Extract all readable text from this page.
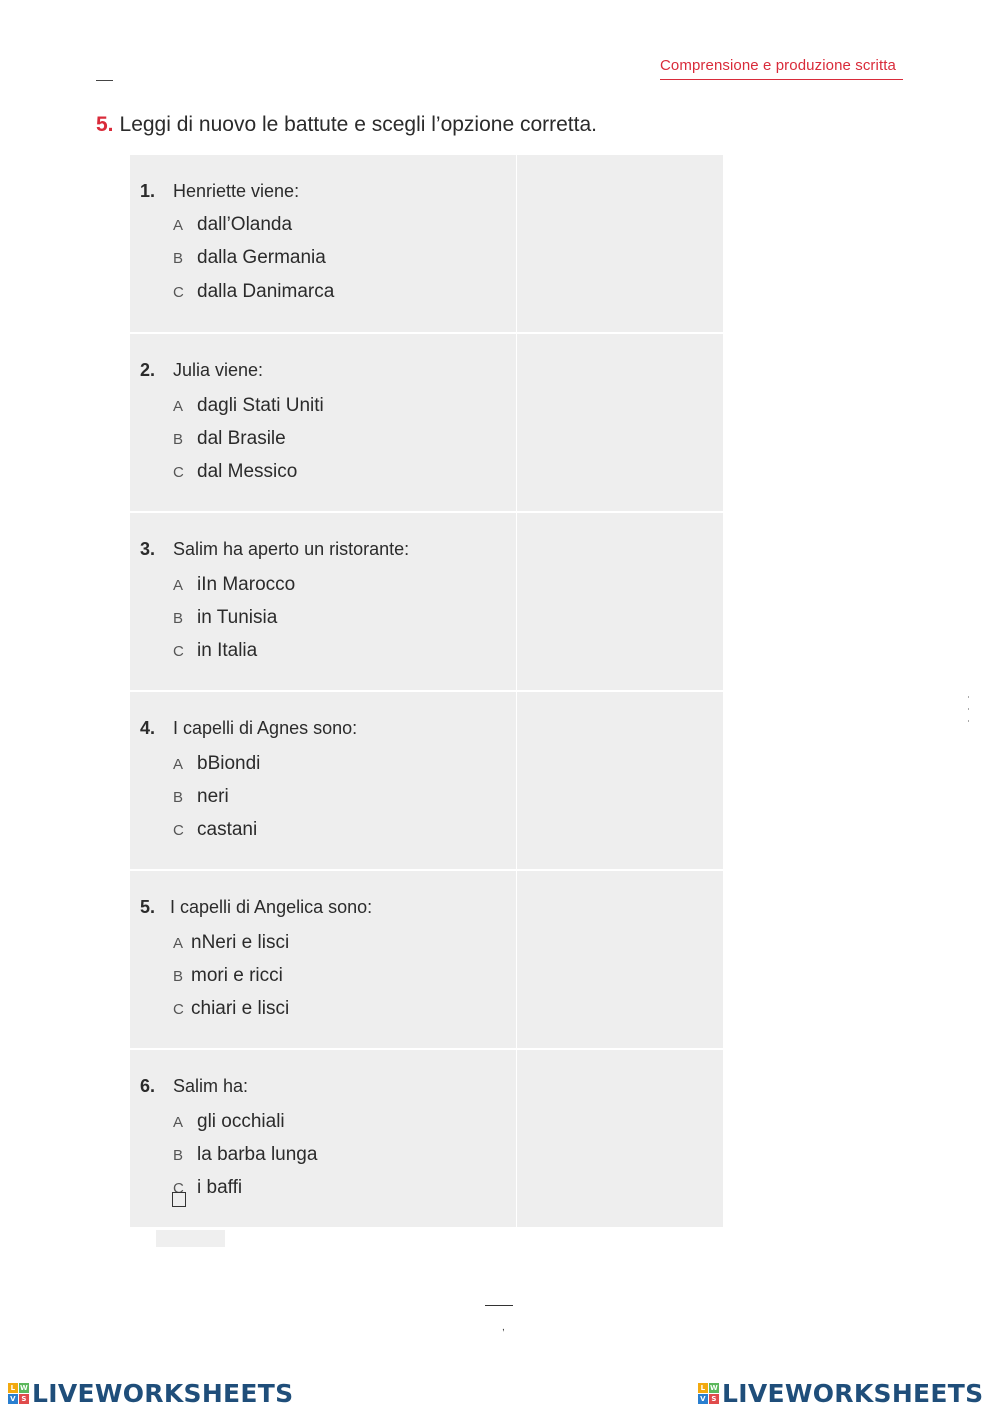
Comprensione e produzione scritta
5. Leggi di nuovo le battute e scegli l’opzione corretta.
1. Henriette viene:
A dall’Olanda
B dalla Germania
C dalla Danimarca
2. Julia viene:
A dagli Stati Uniti
B dal Brasile
C dal Messico
3. Salim ha aperto un ristorante:
A iIn Marocco
B in Tunisia
C in Italia
4. I capelli di Agnes sono:
A bBiondi
B neri
C castani
5. I capelli di Angelica sono:
A nNeri e lisci
B mori e ricci
C chiari e lisci
6. Salim ha:
A gli occhiali
B la barba lunga
C i baffi
,
L W
V S LIVEWORKSHEETS	L W
V S LIVEWORKSHEETS
